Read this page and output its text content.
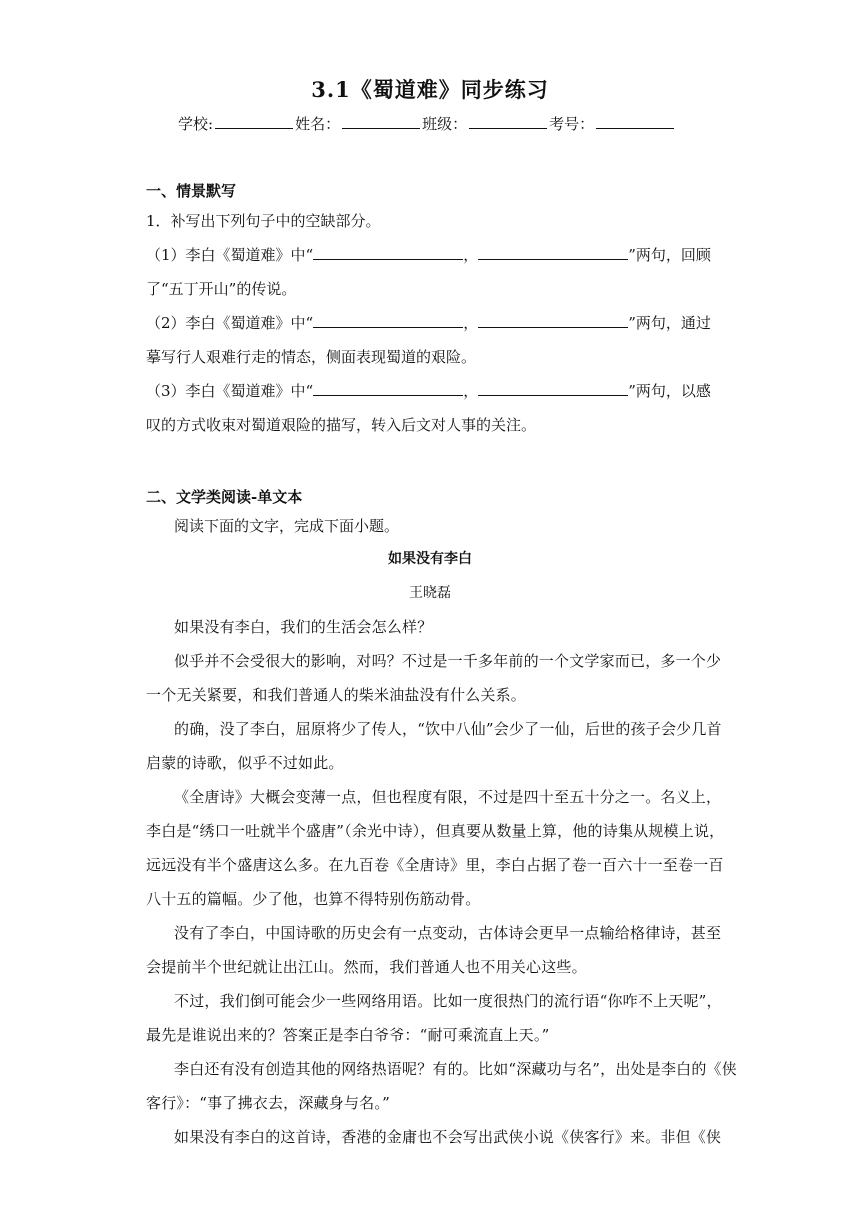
3.1《蜀道难》同步练习
学校:	姓名：	班级：	考号：
一、情景默写
1．补写出下列句子中的空缺部分。
（1）李白《蜀道难》中“	，	”两句，回顾
了“五丁开山”的传说。
（2）李白《蜀道难》中“	，	”两句，通过
摹写行人艰难行走的情态，侧面表现蜀道的艰险。
（3）李白《蜀道难》中“	，	”两句，以感
叹的方式收束对蜀道艰险的描写，转入后文对人事的关注。
二、文学类阅读-单文本
阅读下面的文字，完成下面小题。
如果没有李白
王晓磊
如果没有李白，我们的生活会怎么样？
似乎并不会受很大的影响，对吗？不过是一千多年前的一个文学家而已，多一个少
一个无关紧要，和我们普通人的柴米油盐没有什么关系。
的确，没了李白，屈原将少了传人，“饮中八仙”会少了一仙，后世的孩子会少几首
启蒙的诗歌，似乎不过如此。
《全唐诗》大概会变薄一点，但也程度有限，不过是四十至五十分之一。名义上，
李白是“绣口一吐就半个盛唐”（余光中诗），但真要从数量上算，他的诗集从规模上说，
远远没有半个盛唐这么多。在九百卷《全唐诗》里，李白占据了卷一百六十一至卷一百
八十五的篇幅。少了他，也算不得特别伤筋动骨。
没有了李白，中国诗歌的历史会有一点变动，古体诗会更早一点输给格律诗，甚至
会提前半个世纪就让出江山。然而，我们普通人也不用关心这些。
不过，我们倒可能会少一些网络用语。比如一度很热门的流行语“你咋不上天呢”，
最先是谁说出来的？答案正是李白爷爷：“耐可乘流直上天。”
李白还有没有创造其他的网络热语呢？有的。比如“深藏功与名”，出处是李白的《侠
客行》：“事了拂衣去，深藏身与名。”
如果没有李白的这首诗，香港的金庸也不会写出武侠小说《侠客行》来。非但《侠
